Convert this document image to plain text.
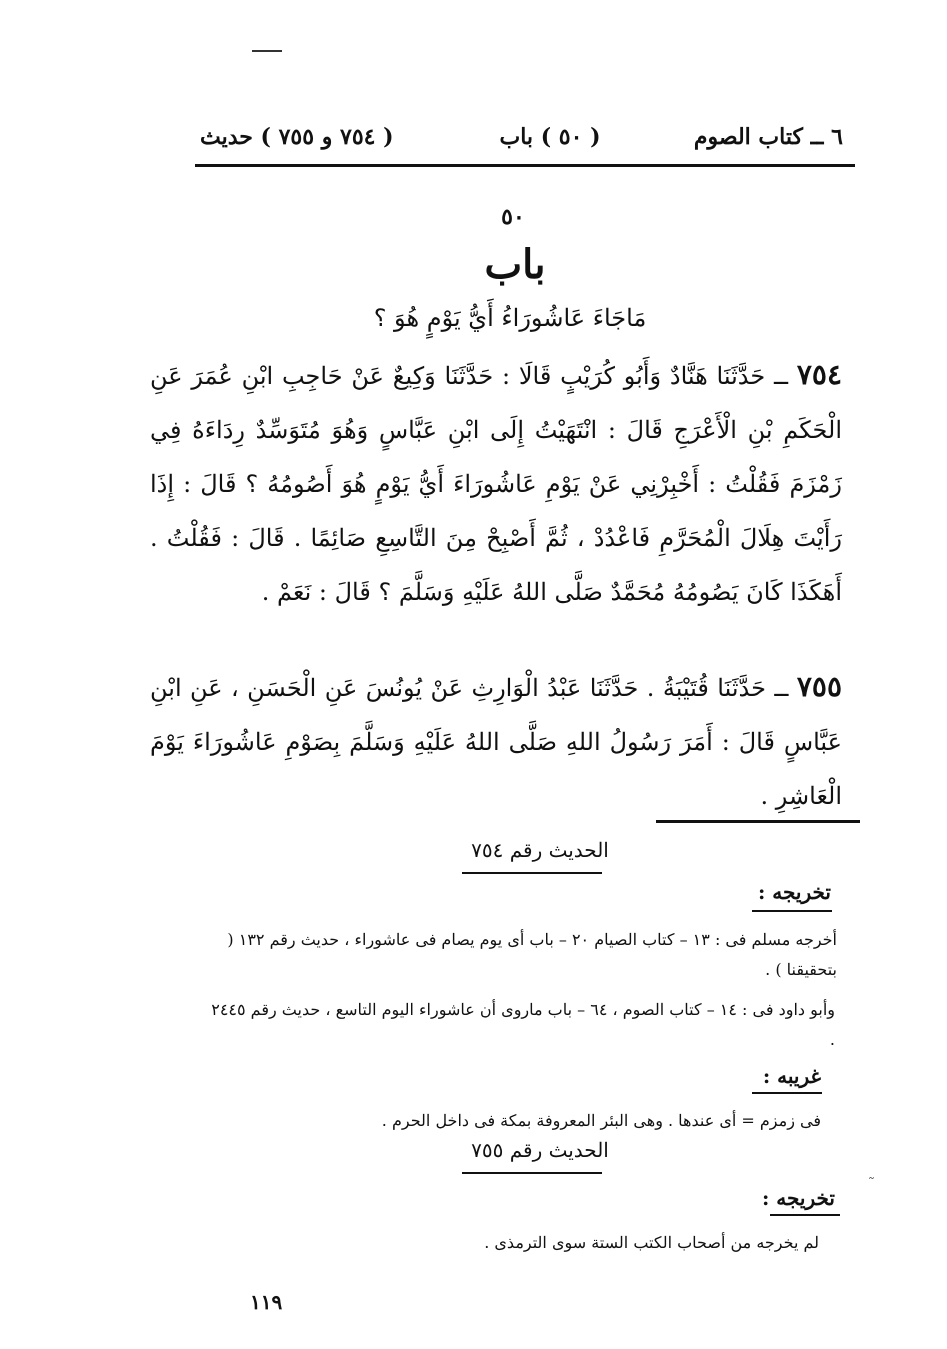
٦ ــ كتاب الصوم
( ٥٠ ) باب
( ٧٥٤ و ٧٥٥ ) حديث
٥٠
باب
مَاجَاءَ عَاشُورَاءُ أَيُّ يَوْمٍ هُوَ ؟
٧٥٤ ــ حَدَّثَنَا هَنَّادٌ وَأَبُو كُرَيْبٍ قَالَا : حَدَّثَنَا وَكِيعٌ عَنْ حَاجِبِ ابْنِ عُمَرَ عَنِ الْحَكَمِ بْنِ الْأَعْرَجِ قَالَ : انْتَهَيْتُ إِلَى ابْنِ عَبَّاسٍ وَهُوَ مُتَوَسِّدٌ رِدَاءَهُ فِي زَمْزَمَ فَقُلْتُ : أَخْبِرْنِي عَنْ يَوْمِ عَاشُورَاءَ أَيُّ يَوْمٍ هُوَ أَصُومُهُ ؟ قَالَ : إِذَا رَأَيْتَ هِلَالَ الْمُحَرَّمِ فَاعْدُدْ ، ثُمَّ أَصْبِحْ مِنَ التَّاسِعِ صَائِمًا . قَالَ : فَقُلْتُ . أَهَكَذَا كَانَ يَصُومُهُ مُحَمَّدٌ صَلَّى اللهُ عَلَيْهِ وَسَلَّمَ ؟ قَالَ : نَعَمْ .
٧٥٥ ــ حَدَّثَنَا قُتَيْبَةُ . حَدَّثَنَا عَبْدُ الْوَارِثِ عَنْ يُونُسَ عَنِ الْحَسَنِ ، عَنِ ابْنِ عَبَّاسٍ قَالَ : أَمَرَ رَسُولُ اللهِ صَلَّى اللهُ عَلَيْهِ وَسَلَّمَ بِصَوْمِ عَاشُورَاءَ يَوْمَ الْعَاشِرِ .
الحديث رقم ٧٥٤
تخريجه :
أخرجه مسلم فى : ١٣ – كتاب الصيام ٢٠ – باب أى يوم يصام فى عاشوراء ، حديث رقم ١٣٢ ( بتحقيقنا ) .
وأبو داود فى : ١٤ – كتاب الصوم ، ٦٤ – باب ماروى أن عاشوراء اليوم التاسع ، حديث رقم ٢٤٤٥ .
غريبه :
فى زمزم = أى عندها . وهى البئر المعروفة بمكة فى داخل الحرم .
الحديث رقم ٧٥٥
تخريجه :
لم يخرجه من أصحاب الكتب الستة سوى الترمذى .
˜
١١٩
